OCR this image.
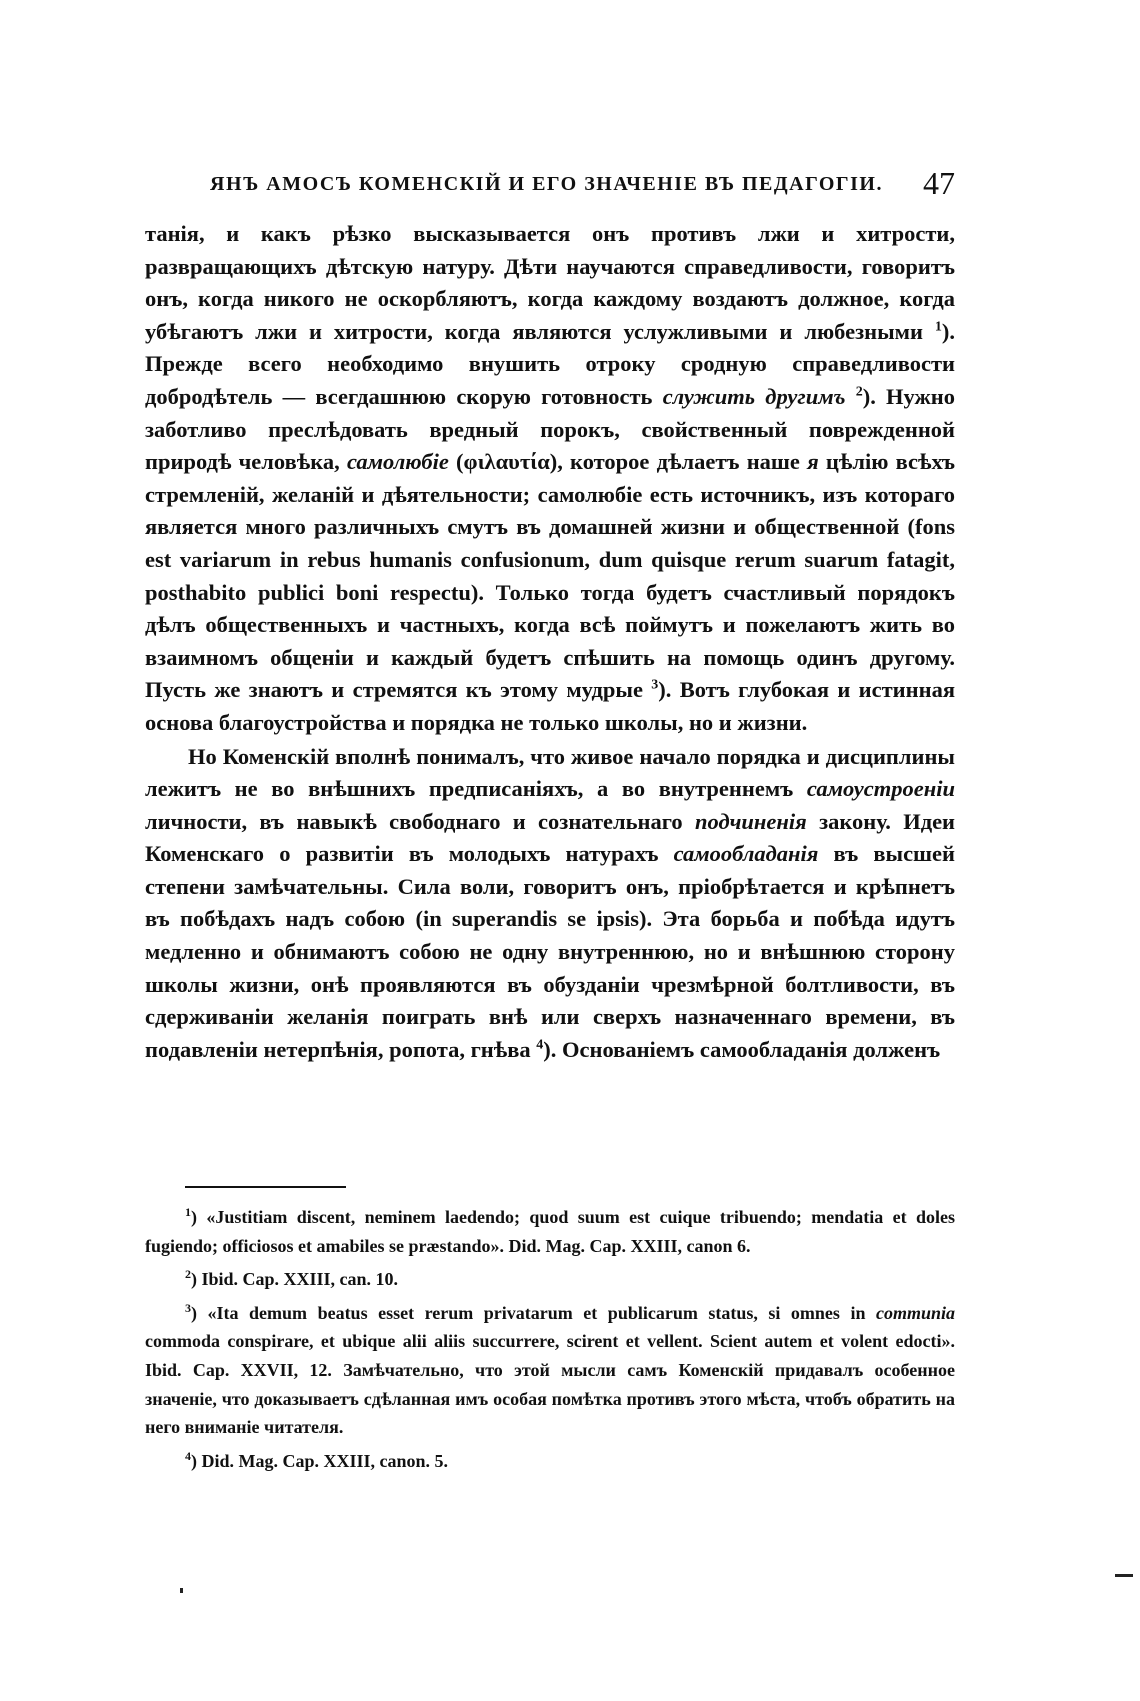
ЯНЪ АМОСЪ КОМЕНСКІЙ И ЕГО ЗНАЧЕНІЕ ВЪ ПЕДАГОГІИ. 47

танія, и какъ рѣзко высказывается онъ противъ лжи и хитрости, развращающихъ дѣтскую натуру. Дѣти научаются справедливости, говоритъ онъ, когда никого не оскорбляютъ, когда каждому воздаютъ должное, когда убѣгаютъ лжи и хитрости, когда являются услужливыми и любезными $^1$). Прежде всего необходимо внушить отроку сродную справедливости добродѣтель — всегдашнюю скорую готовность служить другимъ $^2$). Нужно заботливо преслѣдовать вредный порокъ, свойственный поврежденной природѣ человѣка, самолюбіе (φιλαυτία), которое дѣлаетъ наше я цѣлію всѣхъ стремленій, желаній и дѣятельности; самолюбіе есть источникъ, изъ котораго является много различныхъ смутъ въ домашней жизни и общественной (fons est variarum in rebus humanis confusionum, dum quisque rerum suarum fatagit, posthabito publici boni respectu). Только тогда будетъ счастливый порядокъ дѣлъ общественныхъ и частныхъ, когда всѣ поймутъ и пожелаютъ жить во взаимномъ общеніи и каждый будетъ спѣшить на помощь одинъ другому. Пусть же знаютъ и стремятся къ этому мудрые $^3$). Вотъ глубокая и истинная основа благоустройства и порядка не только школы, но и жизни.

Но Коменскій вполнѣ понималъ, что живое начало порядка и дисциплины лежитъ не во внѣшнихъ предписаніяхъ, а во внутреннемъ самоустроеніи личности, въ навыкѣ свободнаго и сознательнаго подчиненія закону. Идеи Коменскаго о развитіи въ молодыхъ натурахъ самообладанія въ высшей степени замѣчательны. Сила воли, говоритъ онъ, пріобрѣтается и крѣпнетъ въ побѣдахъ надъ собою (in superandis se ipsis). Эта борьба и побѣда идутъ медленно и обнимаютъ собою не одну внутреннюю, но и внѣшнюю сторону школы жизни, онѣ проявляются въ обузданіи чрезмѣрной болтливости, въ сдерживаніи желанія поиграть внѣ или сверхъ назначеннаго времени, въ подавленіи нетерпѣнія, ропота, гнѣва $^4$). Основаніемъ самообладанія долженъ

$^1$) «Justitiam discent, neminem laedendo; quod suum est cuique tribuendo; mendatia et doles fugiendo; officiosos et amabiles se præstando». Did. Mag. Cap. XXIII, canon 6.

$^2$) Ibid. Cap. XXIII, can. 10.

$^3$) «Ita demum beatus esset rerum privatarum et publicarum status, si omnes in communia commoda conspirare, et ubique alii aliis succurrere, scirent et vellent. Scient autem et volent edocti». Ibid. Cap. XXVII, 12. Замѣчательно, что этой мысли самъ Коменскій придавалъ особенное значеніе, что доказываетъ сдѣланная имъ особая помѣтка противъ этого мѣста, чтобъ обратить на него вниманіе читателя.

$^4$) Did. Mag. Cap. XXIII, canon. 5.
